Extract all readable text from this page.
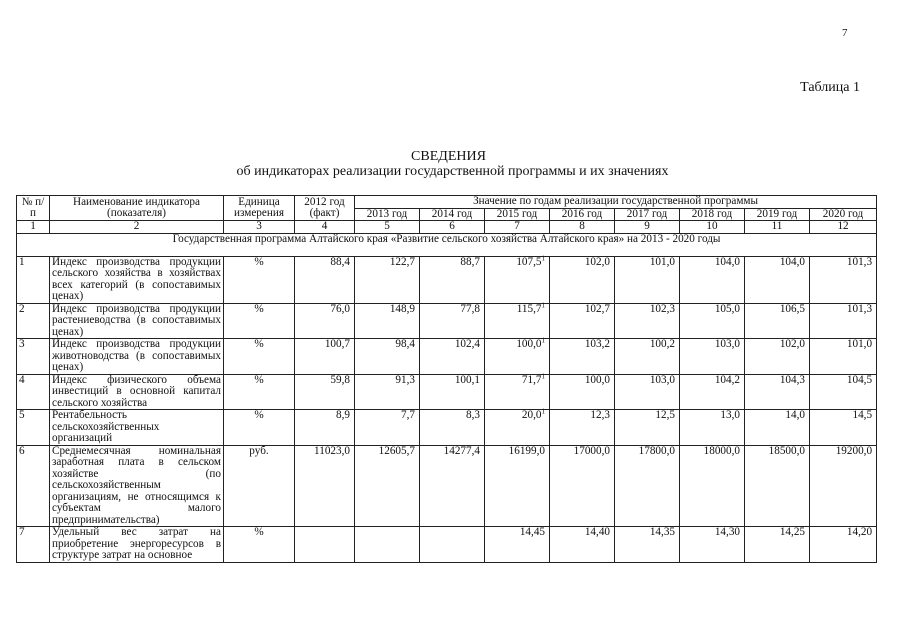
7
Таблица 1
СВЕДЕНИЯ
об индикаторах реализации государственной программы и их значениях
№ п/п	Наименование индикатора (показателя)	Единица измерения	2012 год (факт)	Значение по годам реализации государственной программы							
				2013 год	2014 год	2015 год	2016 год	2017 год	2018 год	2019 год	2020 год
1	2	3	4	5	6	7	8	9	10	11	12
Государственная программа Алтайского края «Развитие сельского хозяйства Алтайского края» на 2013 - 2020 годы											
1	Индекс производства продукции сельского хозяйства в хозяйствах всех категорий (в сопоставимых ценах)	%	88,4	122,7	88,7	107,5$^1$	102,0	101,0	104,0	104,0	101,3
2	Индекс производства продукции растениеводства (в сопоставимых ценах)	%	76,0	148,9	77,8	115,7$^1$	102,7	102,3	105,0	106,5	101,3
3	Индекс производства продукции животноводства (в сопоставимых ценах)	%	100,7	98,4	102,4	100,0$^1$	103,2	100,2	103,0	102,0	101,0
4	Индекс физического объема инвестиций в основной капитал сельского хозяйства	%	59,8	91,3	100,1	71,7$^1$	100,0	103,0	104,2	104,3	104,5
5	Рентабельность сельскохозяйственных организаций	%	8,9	7,7	8,3	20,0$^1$	12,3	12,5	13,0	14,0	14,5
6	Среднемесячная номинальная заработная плата в сельском хозяйстве (по сельскохозяйственным организациям, не относящимся к субъектам малого предпринимательства)	руб.	11023,0	12605,7	14277,4	16199,0	17000,0	17800,0	18000,0	18500,0	19200,0
7	Удельный вес затрат на приобретение энергоресурсов в структуре затрат на основное	%				14,45	14,40	14,35	14,30	14,25	14,20
